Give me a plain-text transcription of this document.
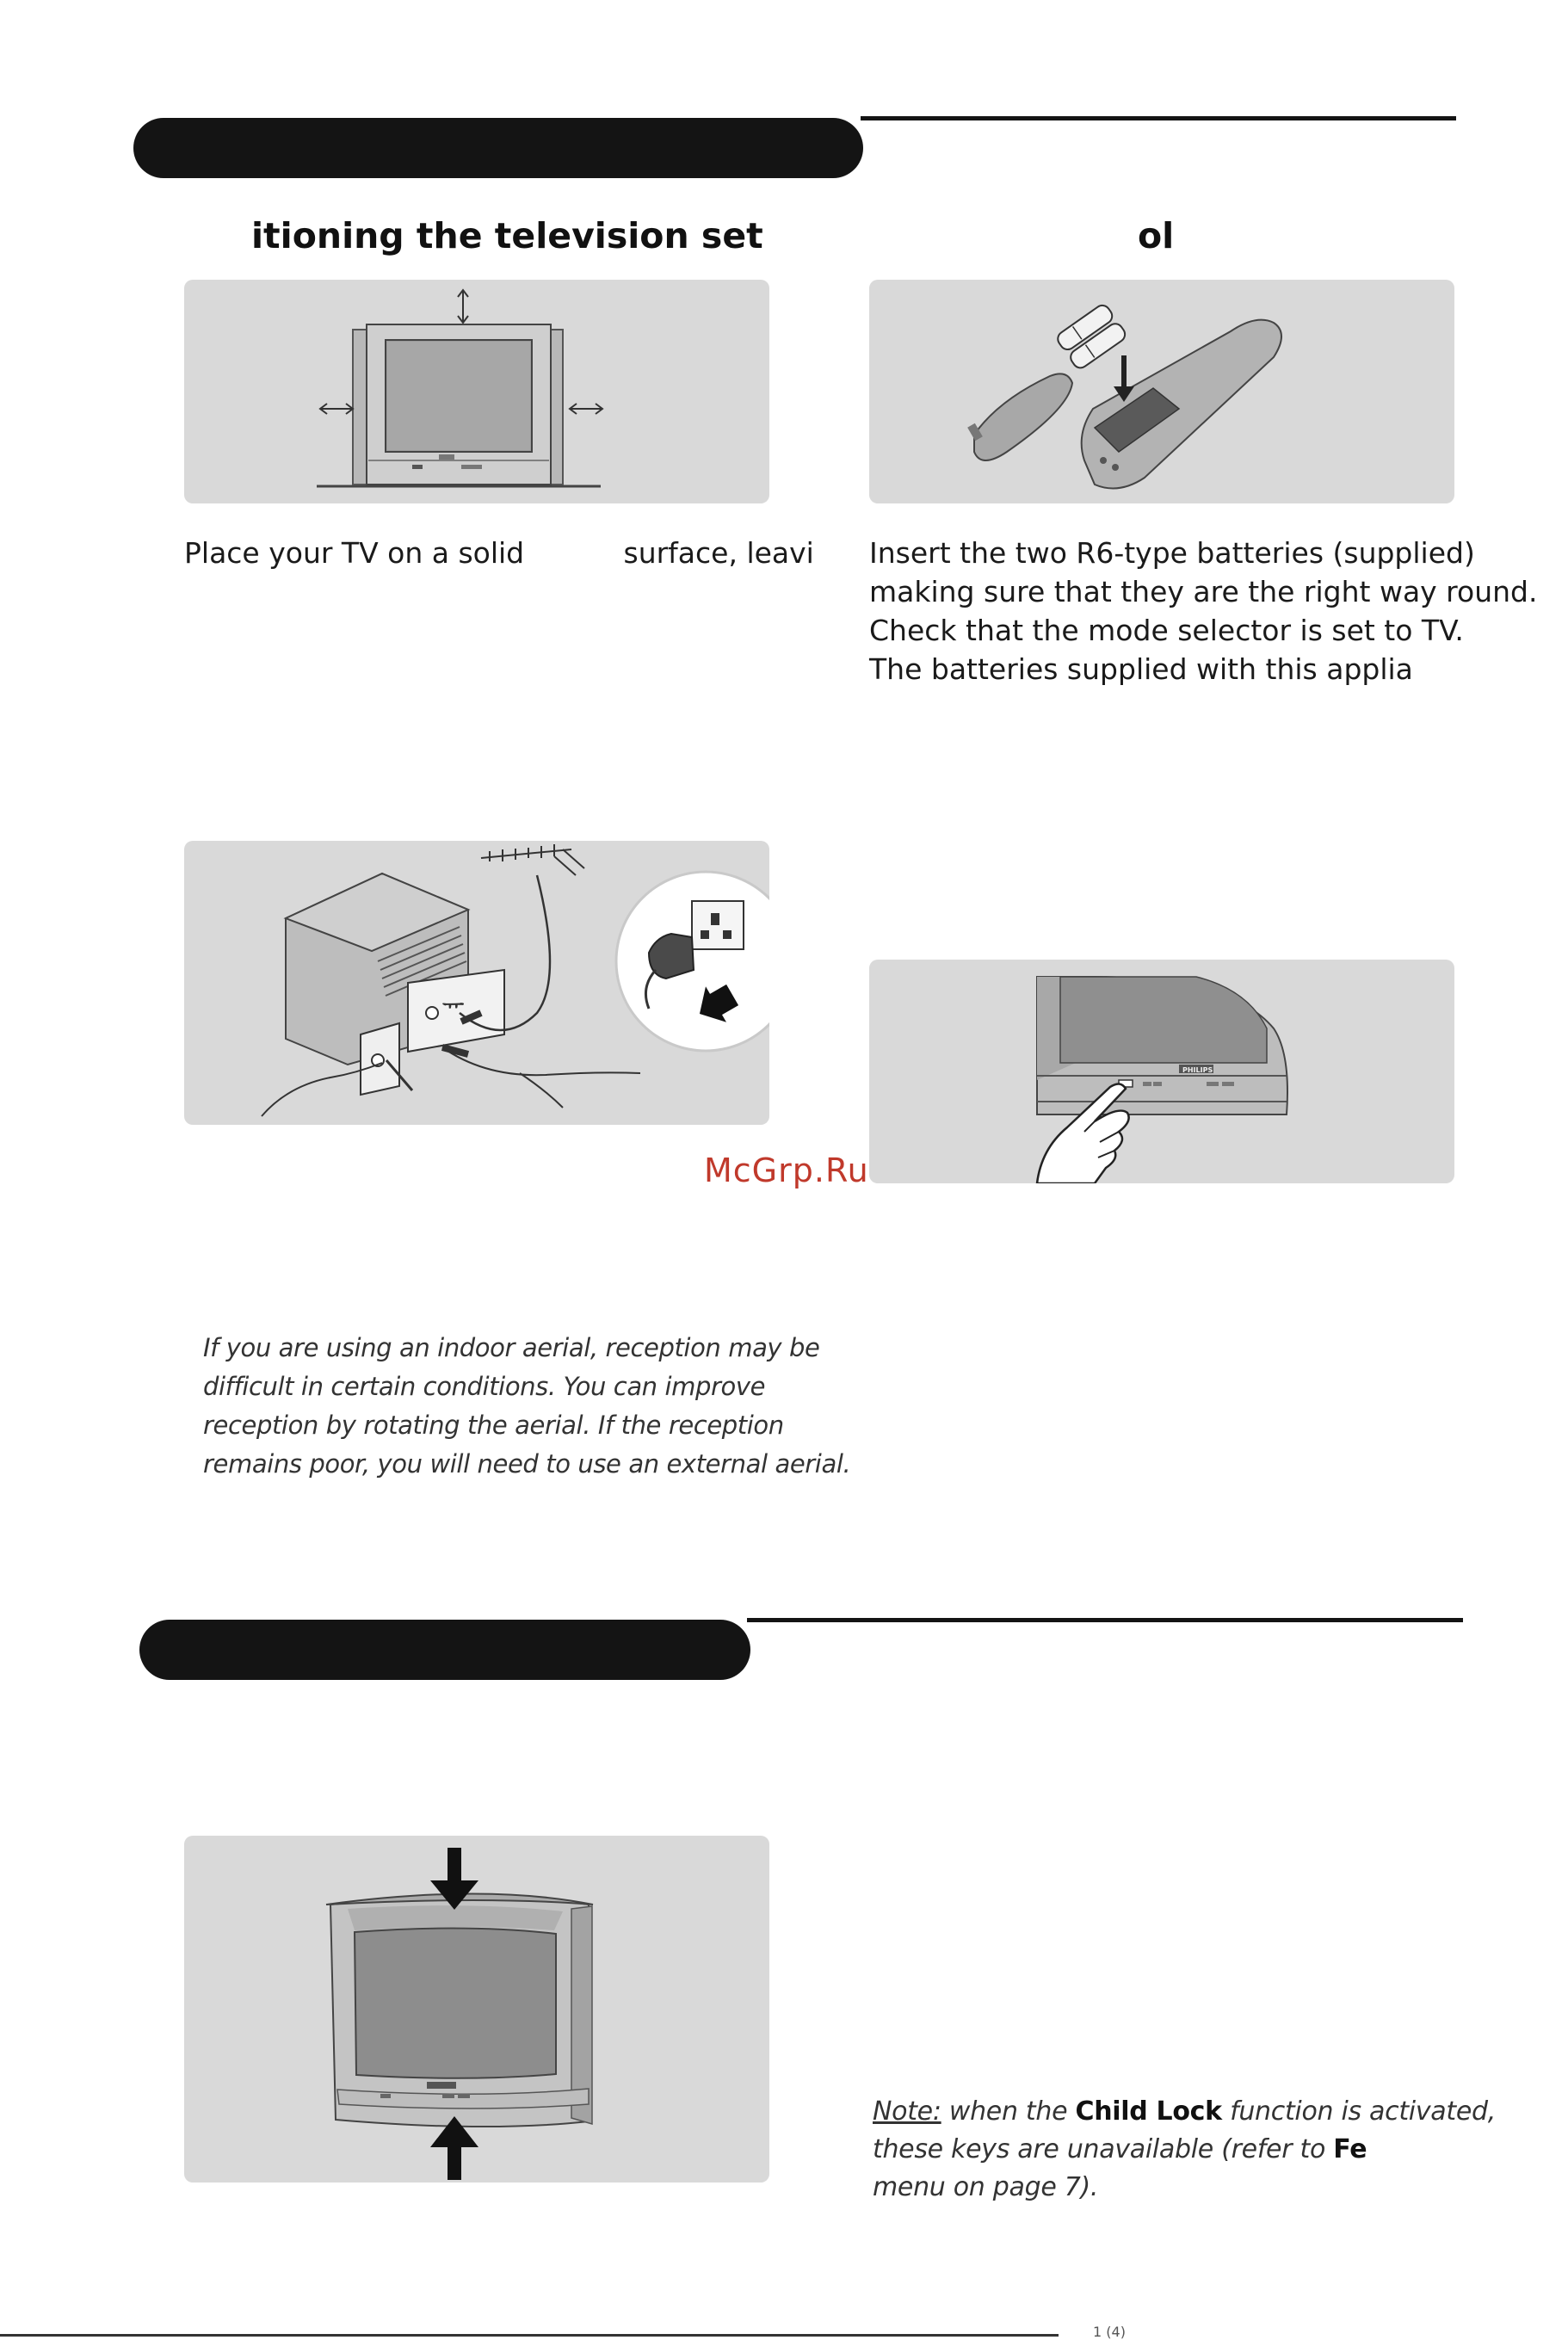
itioning the television set	ol
Place your TV on a solid           surface, leavi Insert the two R6-type batteries (supplied)
making sure that they are the right way round.
Check that the mode selector is set to TV.
The batteries supplied with this applia
ᅲ
PHILIPS
McGrp.Ru
If you are using an indoor aerial, reception may be
difficult in certain conditions. You can improve
reception by rotating the aerial. If the reception
remains poor, you will need to use an external aerial.
Note: when the Child Lock function is activated,
these keys are unavailable (refer to Fe
menu on page 7).
1 (4)
